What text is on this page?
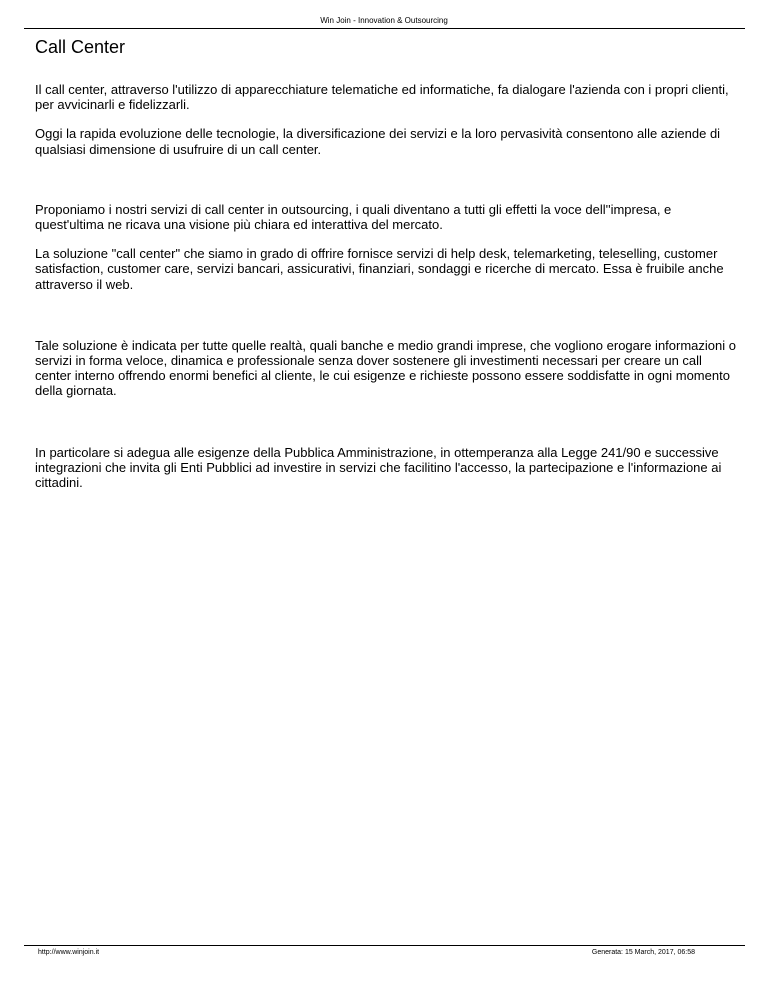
Win Join - Innovation & Outsourcing
Call Center

Il call center, attraverso l'utilizzo di apparecchiature telematiche ed informatiche, fa dialogare l'azienda con i propri clienti, per avvicinarli e fidelizzarli.

Oggi la rapida evoluzione delle tecnologie, la diversificazione dei servizi e la loro pervasività consentono alle aziende di qualsiasi dimensione di usufruire di un call center.

Proponiamo i nostri servizi di call center in outsourcing, i quali diventano a tutti gli effetti la voce dell''impresa, e quest'ultima ne ricava una visione più chiara ed interattiva del mercato.

La soluzione "call center" che siamo in grado di offrire fornisce servizi di help desk, telemarketing, teleselling, customer satisfaction, customer care, servizi bancari, assicurativi, finanziari, sondaggi e ricerche di mercato. Essa è fruibile anche attraverso il web.

Tale soluzione è indicata per tutte quelle realtà, quali banche e medio grandi imprese, che vogliono erogare informazioni o servizi in forma veloce, dinamica e professionale senza dover sostenere gli investimenti necessari per creare un call center interno offrendo enormi benefici al cliente, le cui esigenze e richieste possono essere soddisfatte in ogni momento della giornata.

In particolare si adegua alle esigenze della Pubblica Amministrazione, in ottemperanza alla Legge 241/90 e successive integrazioni che invita gli Enti Pubblici ad investire in servizi che facilitino l'accesso, la partecipazione e l'informazione ai cittadini.

http://www.winjoin.it	Generata: 15 March, 2017, 06:58
